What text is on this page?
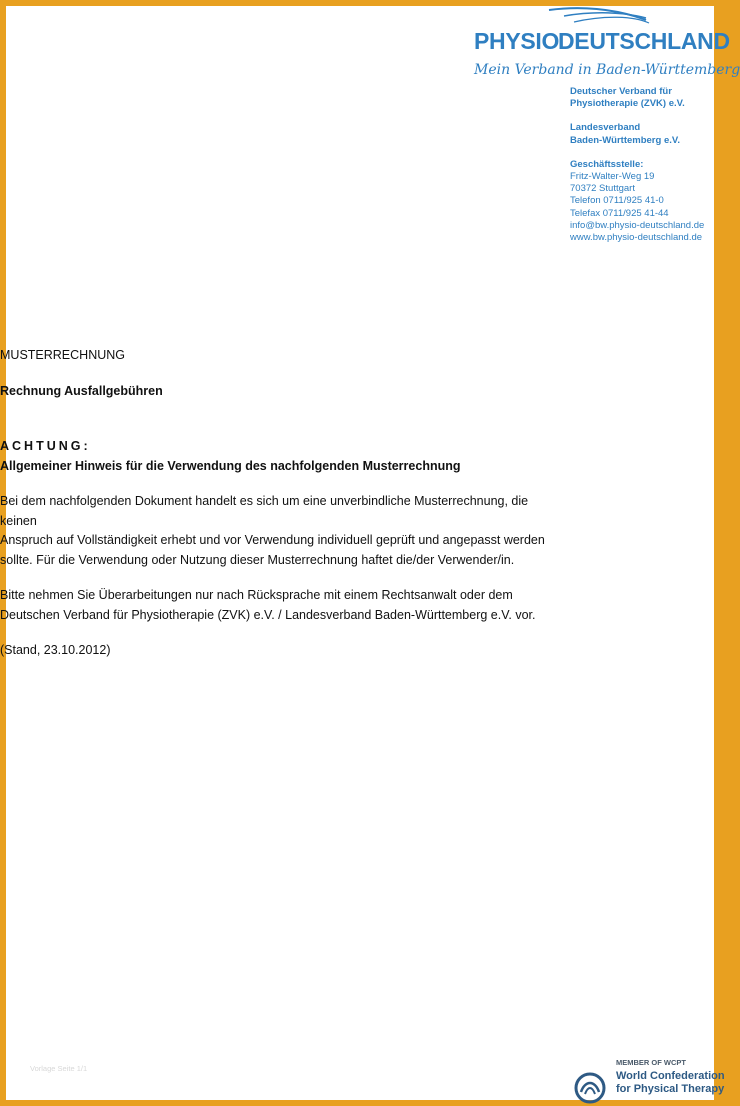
PHYSIO
DEUTSCHLAND
Mein Verband in Baden-Württemberg
Deutscher Verband für
Physiotherapie (ZVK) e.V.
Landesverband
Baden-Württemberg e.V.
Geschäftsstelle:
Fritz-Walter-Weg 19
70372 Stuttgart
Telefon 0711/925 41-0
Telefax 0711/925 41-44
info@bw.physio-deutschland.de
www.bw.physio-deutschland.de

MUSTERRECHNUNG

Rechnung Ausfallgebühren

ACHTUNG:

Allgemeiner Hinweis für die Verwendung des nachfolgenden Musterrechnung

Bei dem nachfolgenden Dokument handelt es sich um eine unverbindliche Musterrechnung, die keinen

Anspruch auf Vollständigkeit erhebt und vor Verwendung individuell geprüft und angepasst werden

sollte. Für die Verwendung oder Nutzung dieser Musterrechnung haftet die/der Verwender/in.

Bitte nehmen Sie Überarbeitungen nur nach Rücksprache mit einem Rechtsanwalt oder dem

Deutschen Verband für Physiotherapie (ZVK) e.V. / Landesverband Baden-Württemberg e.V. vor.

(Stand, 23.10.2012)

Vorlage Seite 1/1
MEMBER OF WCPT
World Confederation
for Physical Therapy
